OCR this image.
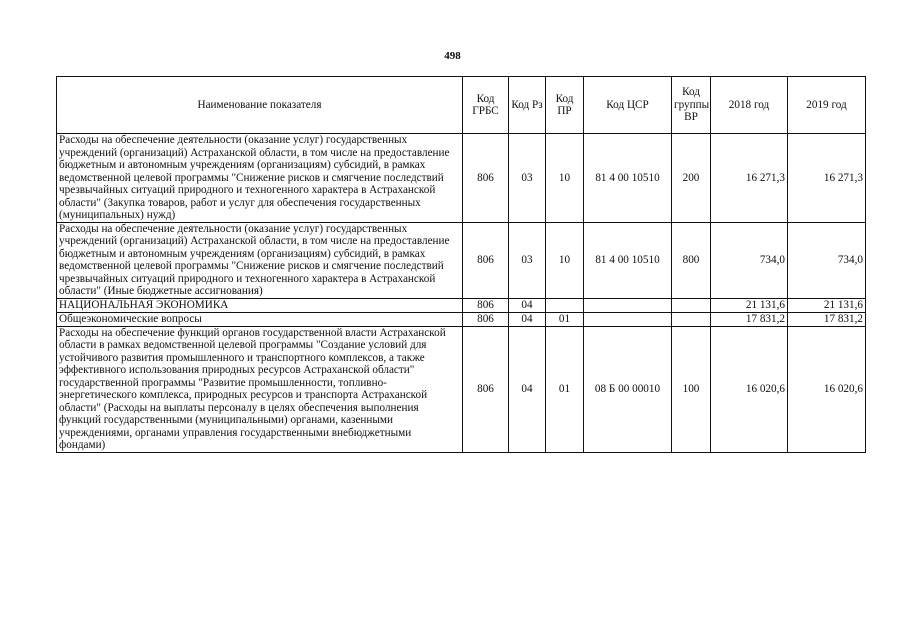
498
Наименование показателя	Код ГРБС	Код Рз	Код ПР	Код ЦСР	Код группы ВР	2018 год	2019 год
Расходы на обеспечение деятельности (оказание услуг) государственных учреждений (организаций) Астраханской области, в том числе на предоставление бюджетным и автономным учреждениям (организациям) субсидий, в рамках ведомственной целевой программы "Снижение рисков и смягчение последствий чрезвычайных ситуаций природного и техногенного характера в Астраханской области" (Закупка товаров, работ и услуг для обеспечения государственных (муниципальных) нужд)	806	03	10	81 4 00 10510	200	16 271,3	16 271,3
Расходы на обеспечение деятельности (оказание услуг) государственных учреждений (организаций) Астраханской области, в том числе на предоставление бюджетным и автономным учреждениям (организациям) субсидий, в рамках ведомственной целевой программы "Снижение рисков и смягчение последствий чрезвычайных ситуаций природного и техногенного характера в Астраханской области" (Иные бюджетные ассигнования)	806	03	10	81 4 00 10510	800	734,0	734,0
НАЦИОНАЛЬНАЯ ЭКОНОМИКА	806	04				21 131,6	21 131,6
Общеэкономические вопросы	806	04	01			17 831,2	17 831,2
Расходы на обеспечение функций органов государственной власти Астраханской области в рамках ведомственной целевой программы "Создание условий для устойчивого развития промышленного и транспортного комплексов, а также эффективного использования природных ресурсов Астраханской области" государственной программы "Развитие промышленности, топливно-энергетического комплекса, природных ресурсов и транспорта Астраханской области" (Расходы на выплаты персоналу в целях обеспечения выполнения функций государственными (муниципальными) органами, казенными учреждениями, органами управления государственными внебюджетными фондами)	806	04	01	08 Б 00 00010	100	16 020,6	16 020,6
